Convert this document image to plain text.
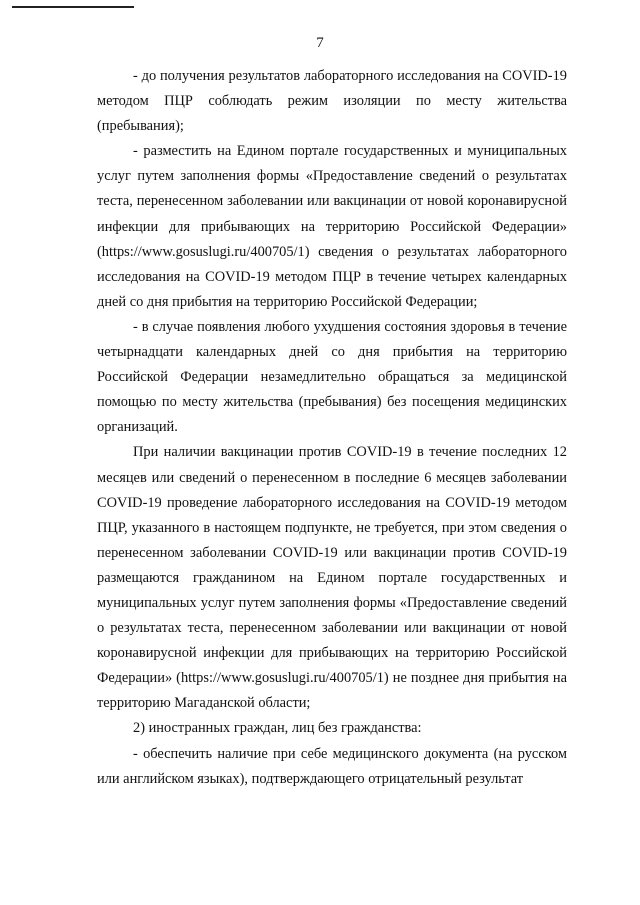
7

- до получения результатов лабораторного исследования на COVID-19 методом ПЦР соблюдать режим изоляции по месту жительства (пребывания);

- разместить на Едином портале государственных и муниципальных услуг путем заполнения формы «Предоставление сведений о результатах теста, перенесенном заболевании или вакцинации от новой коронавирусной инфекции для прибывающих на территорию Российской Федерации» (https://www.gosuslugi.ru/400705/1) сведения о результатах лабораторного исследования на COVID-19 методом ПЦР в течение четырех календарных дней со дня прибытия на территорию Российской Федерации;

- в случае появления любого ухудшения состояния здоровья в течение четырнадцати календарных дней со дня прибытия на территорию Российской Федерации незамедлительно обращаться за медицинской помощью по месту жительства (пребывания) без посещения медицинских организаций.

При наличии вакцинации против COVID-19 в течение последних 12 месяцев или сведений о перенесенном в последние 6 месяцев заболевании COVID-19 проведение лабораторного исследования на COVID-19 методом ПЦР, указанного в настоящем подпункте, не требуется, при этом сведения о перенесенном заболевании COVID-19 или вакцинации против COVID-19 размещаются гражданином на Едином портале государственных и муниципальных услуг путем заполнения формы «Предоставление сведений о результатах теста, перенесенном заболевании или вакцинации от новой коронавирусной инфекции для прибывающих на территорию Российской Федерации» (https://www.gosuslugi.ru/400705/1) не позднее дня прибытия на территорию Магаданской области;

2) иностранных граждан, лиц без гражданства:

- обеспечить наличие при себе медицинского документа (на русском или английском языках), подтверждающего отрицательный результат
